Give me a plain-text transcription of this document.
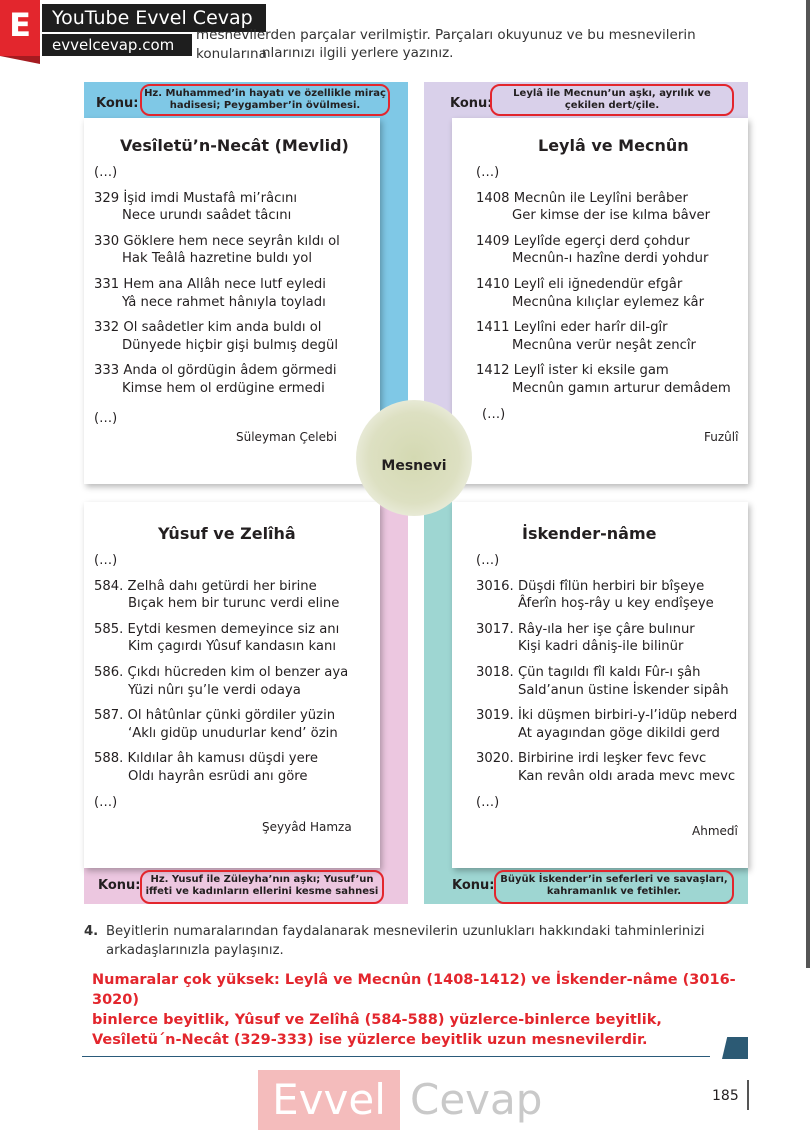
E	YouTube Evvel Cevap
evvelcevap.com
mesnevilerden parçalar verilmiştir. Parçaları okuyunuz ve bu mesnevilerin konularına
nlarınızı ilgili yerlere yazınız.
Konu:
Hz. Muhammed’in hayatı ve özellikle miraç hadisesi; Peygamber’in övülmesi.	Konu:
Leylâ ile Mecnun’un aşkı, ayrılık ve çekilen dert/çile.
Vesîletü’n-Necât (Mevlid)
(…)
329 İşid imdi Mustafâ mi’râcını
Nece urundı saâdet tâcını
330 Göklere hem nece seyrân kıldı ol
Hak Teâlâ hazretine buldı yol
331 Hem ana Allâh nece lutf eyledi
Yâ nece rahmet hânıyla toyladı
332 Ol saâdetler kim anda buldı ol
Dünyede hiçbir gişi bulmış degül
333 Anda ol gördügin âdem görmedi
Kimse hem ol erdügine ermedi
(…)
Süleyman Çelebi
Leylâ ve Mecnûn
(…)
1408 Mecnûn ile Leylîni berâber
Ger kimse der ise kılma bâver
1409 Leylîde egerçi derd çohdur
Mecnûn-ı hazîne derdi yohdur
1410 Leylî eli iğnedendür efgâr
Mecnûna kılıçlar eylemez kâr
1411 Leylîni eder harîr dil-gîr
Mecnûna verür neşât zencîr
1412 Leylî ister ki eksile gam
Mecnûn gamın arturur demâdem
(…)
Fuzûlî
Yûsuf ve Zelîhâ
(…)
584. Zelhâ dahı getürdi her birine
Bıçak hem bir turunc verdi eline
585. Eytdi kesmen demeyince siz anı
Kim çagırdı Yûsuf kandasın kanı
586. Çıkdı hücreden kim ol benzer aya
Yüzi nûrı şu’le verdi odaya
587. Ol hâtûnlar çünki gördiler yüzin
‘Aklı gidüp unudurlar kend’ özin
588. Kıldılar âh kamusı düşdi yere
Oldı hayrân esrüdi anı göre
(…)
Şeyyâd Hamza
İskender-nâme
(…)
3016. Düşdi fîlün herbiri bir bîşeye
Âferîn hoş-rây u key endîşeye
3017. Rây-ıla her işe çâre bulınur
Kişi kadri dâniş-ile bilinür
3018. Çün tagıldı fîl kaldı Fûr-ı şâh
Sald’anun üstine İskender sipâh
3019. İki düşmen birbiri-y-l’idüp neberd
At ayagından göge dikildi gerd
3020. Birbirine irdi leşker fevc fevc
Kan revân oldı arada mevc mevc
(…)
Ahmedî
Konu: Hz. Yusuf ile Züleyha’nın aşkı; Yusuf’un iffeti ve kadınların ellerini kesme sahnesi	Konu: Büyük İskender’in seferleri ve savaşları, kahramanlık ve fetihler.
Mesnevi
4. Beyitlerin numaralarından faydalanarak mesnevilerin uzunlukları hakkındaki tahminlerinizi arkadaşlarınızla paylaşınız.
Numaralar çok yüksek: Leylâ ve Mecnûn (1408-1412) ve İskender-nâme (3016-3020)
binlerce beyitlik, Yûsuf ve Zelîhâ (584-588) yüzlerce-binlerce beyitlik,
Vesîletü´n-Necât (329-333) ise yüzlerce beyitlik uzun mesnevilerdir.
Evvel Cevap	185
